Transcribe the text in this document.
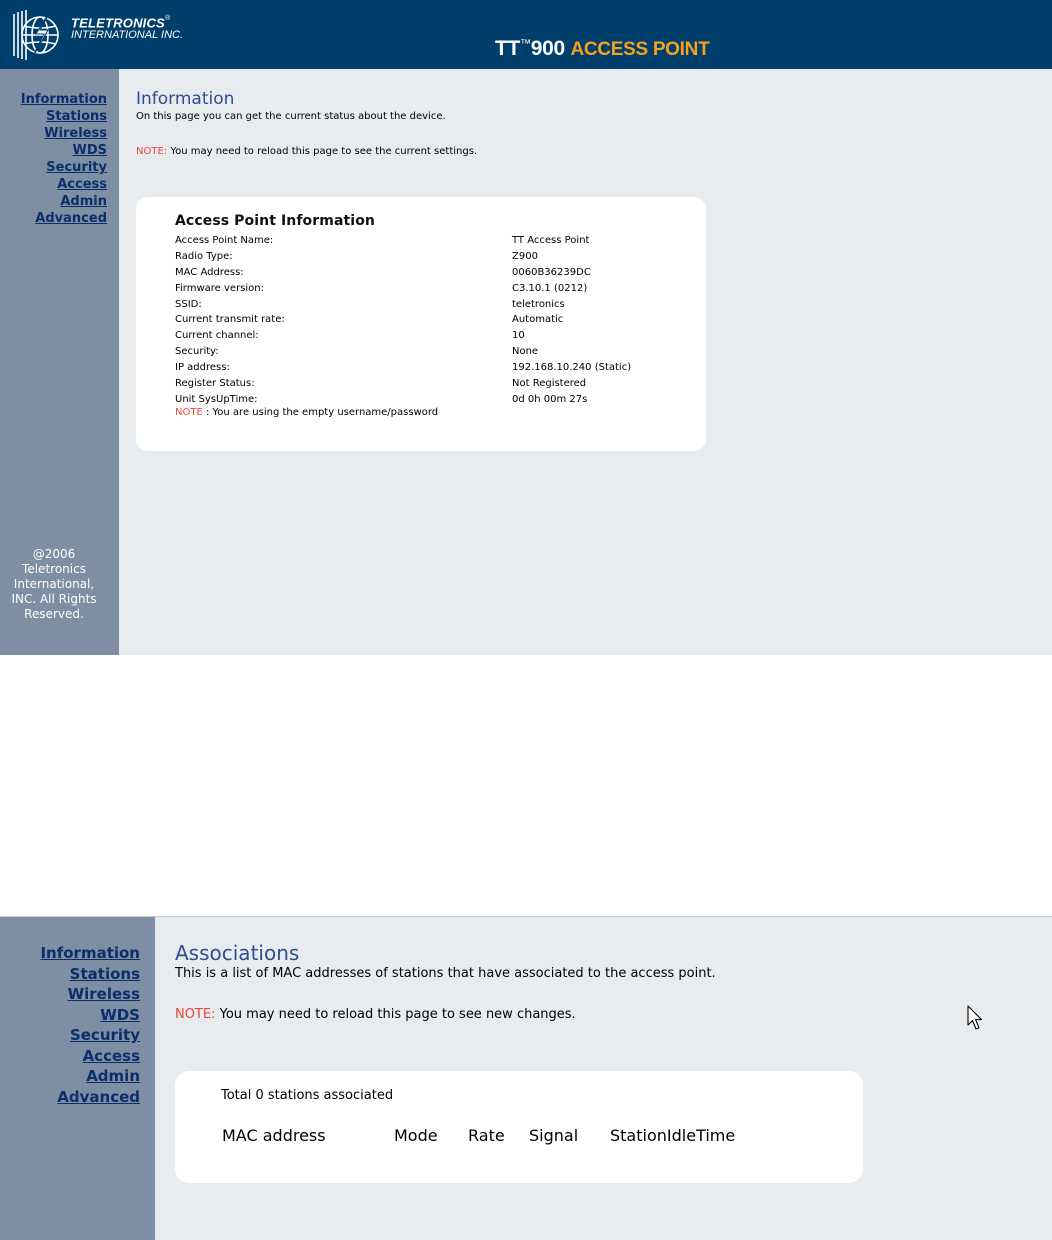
TELETRONICS®
INTERNATIONAL INC.
TT™900 ACCESS POINT
Information
Stations
Wireless
WDS
Security
Access
Admin
Advanced
@2006
Teletronics
International,
INC. All Rights
Reserved.
Information
On this page you can get the current status about the device.
NOTE: You may need to reload this page to see the current settings.
Access Point Information
Access Point Name:	TT Access Point
Radio Type:	Z900
MAC Address:	0060B36239DC
Firmware version:	C3.10.1 (0212)
SSID:	teletronics
Current transmit rate:	Automatic
Current channel:	10
Security:	None
IP address:	192.168.10.240 (Static)
Register Status:	Not Registered
Unit SysUpTime:	0d 0h 00m 27s
NOTE : You are using the empty username/password
Information
Stations
Wireless
WDS
Security
Access
Admin
Advanced
Associations
This is a list of MAC addresses of stations that have associated to the access point.
NOTE: You may need to reload this page to see new changes.
Total 0 stations associated
MAC address	Mode Rate Signal StationIdleTime
